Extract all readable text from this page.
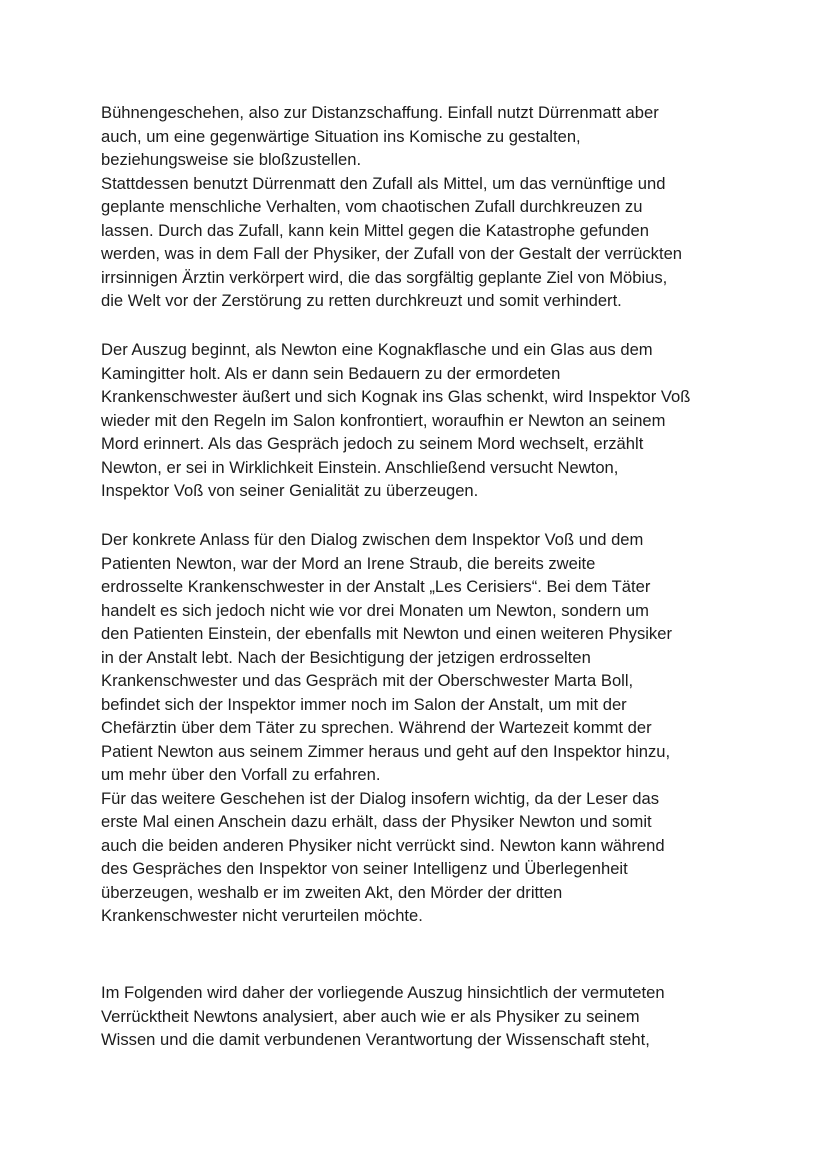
Bühnengeschehen, also zur Distanzschaffung. Einfall nutzt Dürrenmatt aber
auch, um eine gegenwärtige Situation ins Komische zu gestalten,
beziehungsweise sie bloßzustellen.

Stattdessen benutzt Dürrenmatt den Zufall als Mittel, um das vernünftige und
geplante menschliche Verhalten, vom chaotischen Zufall durchkreuzen zu
lassen. Durch das Zufall, kann kein Mittel gegen die Katastrophe gefunden
werden, was in dem Fall der Physiker, der Zufall von der Gestalt der verrückten
irrsinnigen Ärztin verkörpert wird, die das sorgfältig geplante Ziel von Möbius,
die Welt vor der Zerstörung zu retten durchkreuzt und somit verhindert.

Der Auszug beginnt, als Newton eine Kognakflasche und ein Glas aus dem
Kamingitter holt. Als er dann sein Bedauern zu der ermordeten
Krankenschwester äußert und sich Kognak ins Glas schenkt, wird Inspektor Voß
wieder mit den Regeln im Salon konfrontiert, woraufhin er Newton an seinem
Mord erinnert. Als das Gespräch jedoch zu seinem Mord wechselt, erzählt
Newton, er sei in Wirklichkeit Einstein. Anschließend versucht Newton,
Inspektor Voß von seiner Genialität zu überzeugen.

Der konkrete Anlass für den Dialog zwischen dem Inspektor Voß und dem
Patienten Newton, war der Mord an Irene Straub, die bereits zweite
erdrosselte Krankenschwester in der Anstalt „Les Cerisiers“. Bei dem Täter
handelt es sich jedoch nicht wie vor drei Monaten um Newton, sondern um
den Patienten Einstein, der ebenfalls mit Newton und einen weiteren Physiker
in der Anstalt lebt. Nach der Besichtigung der jetzigen erdrosselten
Krankenschwester und das Gespräch mit der Oberschwester Marta Boll,
befindet sich der Inspektor immer noch im Salon der Anstalt, um mit der
Chefärztin über dem Täter zu sprechen. Während der Wartezeit kommt der
Patient Newton aus seinem Zimmer heraus und geht auf den Inspektor hinzu,
um mehr über den Vorfall zu erfahren.

Für das weitere Geschehen ist der Dialog insofern wichtig, da der Leser das
erste Mal einen Anschein dazu erhält, dass der Physiker Newton und somit
auch die beiden anderen Physiker nicht verrückt sind. Newton kann während
des Gespräches den Inspektor von seiner Intelligenz und Überlegenheit
überzeugen, weshalb er im zweiten Akt, den Mörder der dritten
Krankenschwester nicht verurteilen möchte.

Im Folgenden wird daher der vorliegende Auszug hinsichtlich der vermuteten
Verrücktheit Newtons analysiert, aber auch wie er als Physiker zu seinem
Wissen und die damit verbundenen Verantwortung der Wissenschaft steht,
